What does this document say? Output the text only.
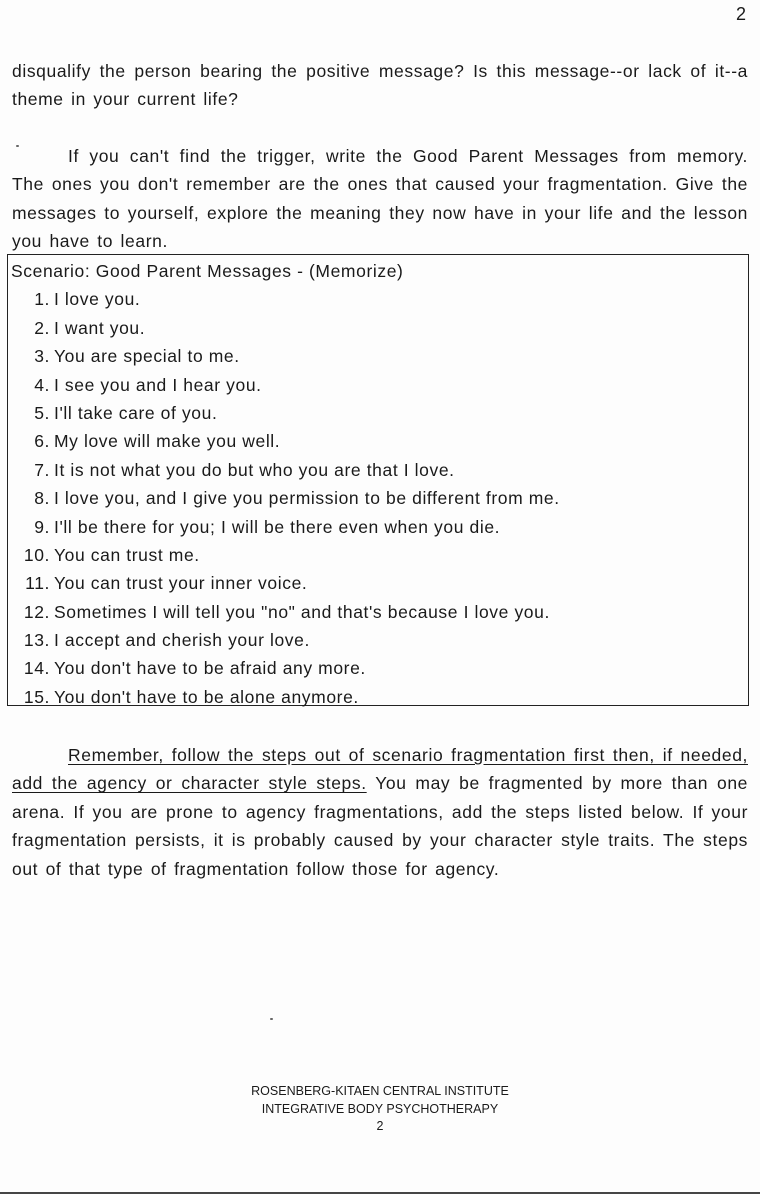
2
disqualify the person bearing the positive message? Is this message--or lack of it--a theme in your current life?
If you can't find the trigger, write the Good Parent Messages from memory. The ones you don't remember are the ones that caused your fragmentation. Give the messages to yourself, explore the meaning they now have in your life and the lesson you have to learn.
Scenario: Good Parent Messages - (Memorize)
1. I love you.
2. I want you.
3. You are special to me.
4. I see you and I hear you.
5. I'll take care of you.
6. My love will make you well.
7. It is not what you do but who you are that I love.
8. I love you, and I give you permission to be different from me.
9. I'll be there for you; I will be there even when you die.
10. You can trust me.
11. You can trust your inner voice.
12. Sometimes I will tell you "no" and that's because I love you.
13. I accept and cherish your love.
14. You don't have to be afraid any more.
15. You don't have to be alone anymore.
Remember, follow the steps out of scenario fragmentation first then, if needed, add the agency or character style steps. You may be fragmented by more than one arena. If you are prone to agency fragmentations, add the steps listed below. If your fragmentation persists, it is probably caused by your character style traits. The steps out of that type of fragmentation follow those for agency.
ROSENBERG-KITAEN CENTRAL INSTITUTE
INTEGRATIVE BODY PSYCHOTHERAPY
2
